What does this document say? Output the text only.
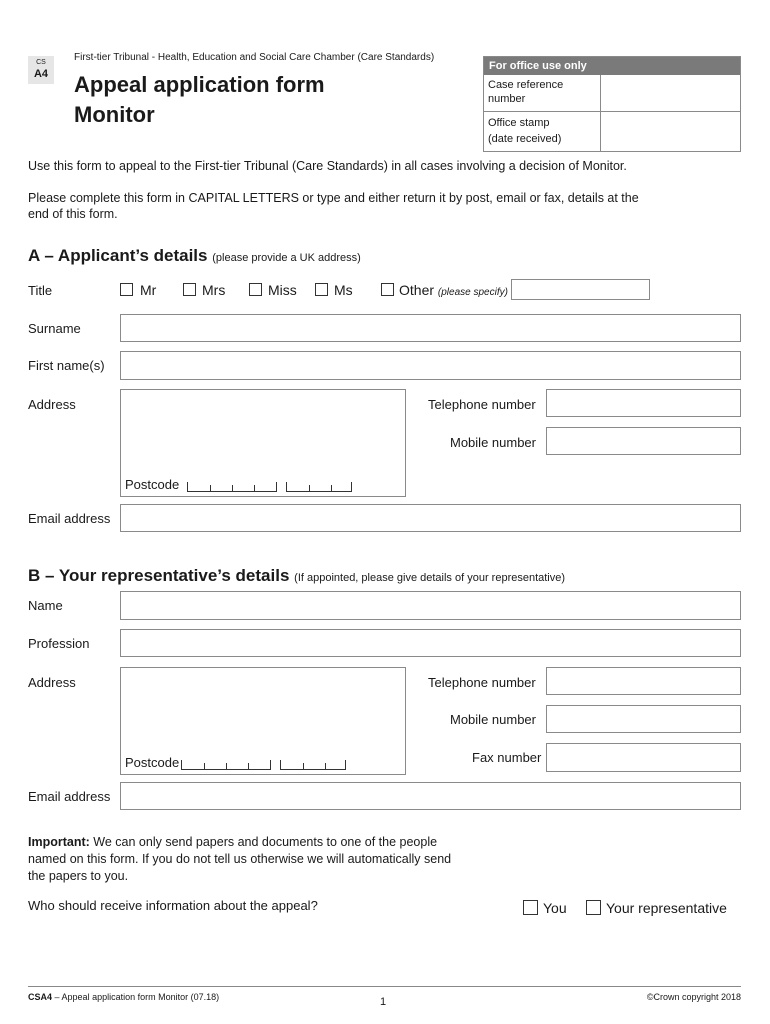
CS
A4
First-tier Tribunal - Health, Education and Social Care Chamber (Care Standards)
Appeal application form
Monitor
For office use only
Case reference
number
Office stamp
(date received)
Use this form to appeal to the First-tier Tribunal (Care Standards) in all cases involving a decision of Monitor.
Please complete this form in CAPITAL LETTERS or type and either return it by post, email or fax, details at the
end of this form.
A – Applicant’s details (please provide a UK address)
Title	Mr	Mrs	Miss	Ms	Other (please specify)
Surname
First name(s)
Address
Postcode
Telephone number
Mobile number
Email address
B – Your representative’s details (If appointed, please give details of your representative)
Name
Profession
Address
Postcode
Telephone number
Mobile number
Fax number
Email address
Important: We can only send papers and documents to one of the people
named on this form. If you do not tell us otherwise we will automatically send
the papers to you.
Who should receive information about the appeal?	You	Your representative
CSA4 – Appeal application form Monitor (07.18)	1	©Crown copyright 2018
